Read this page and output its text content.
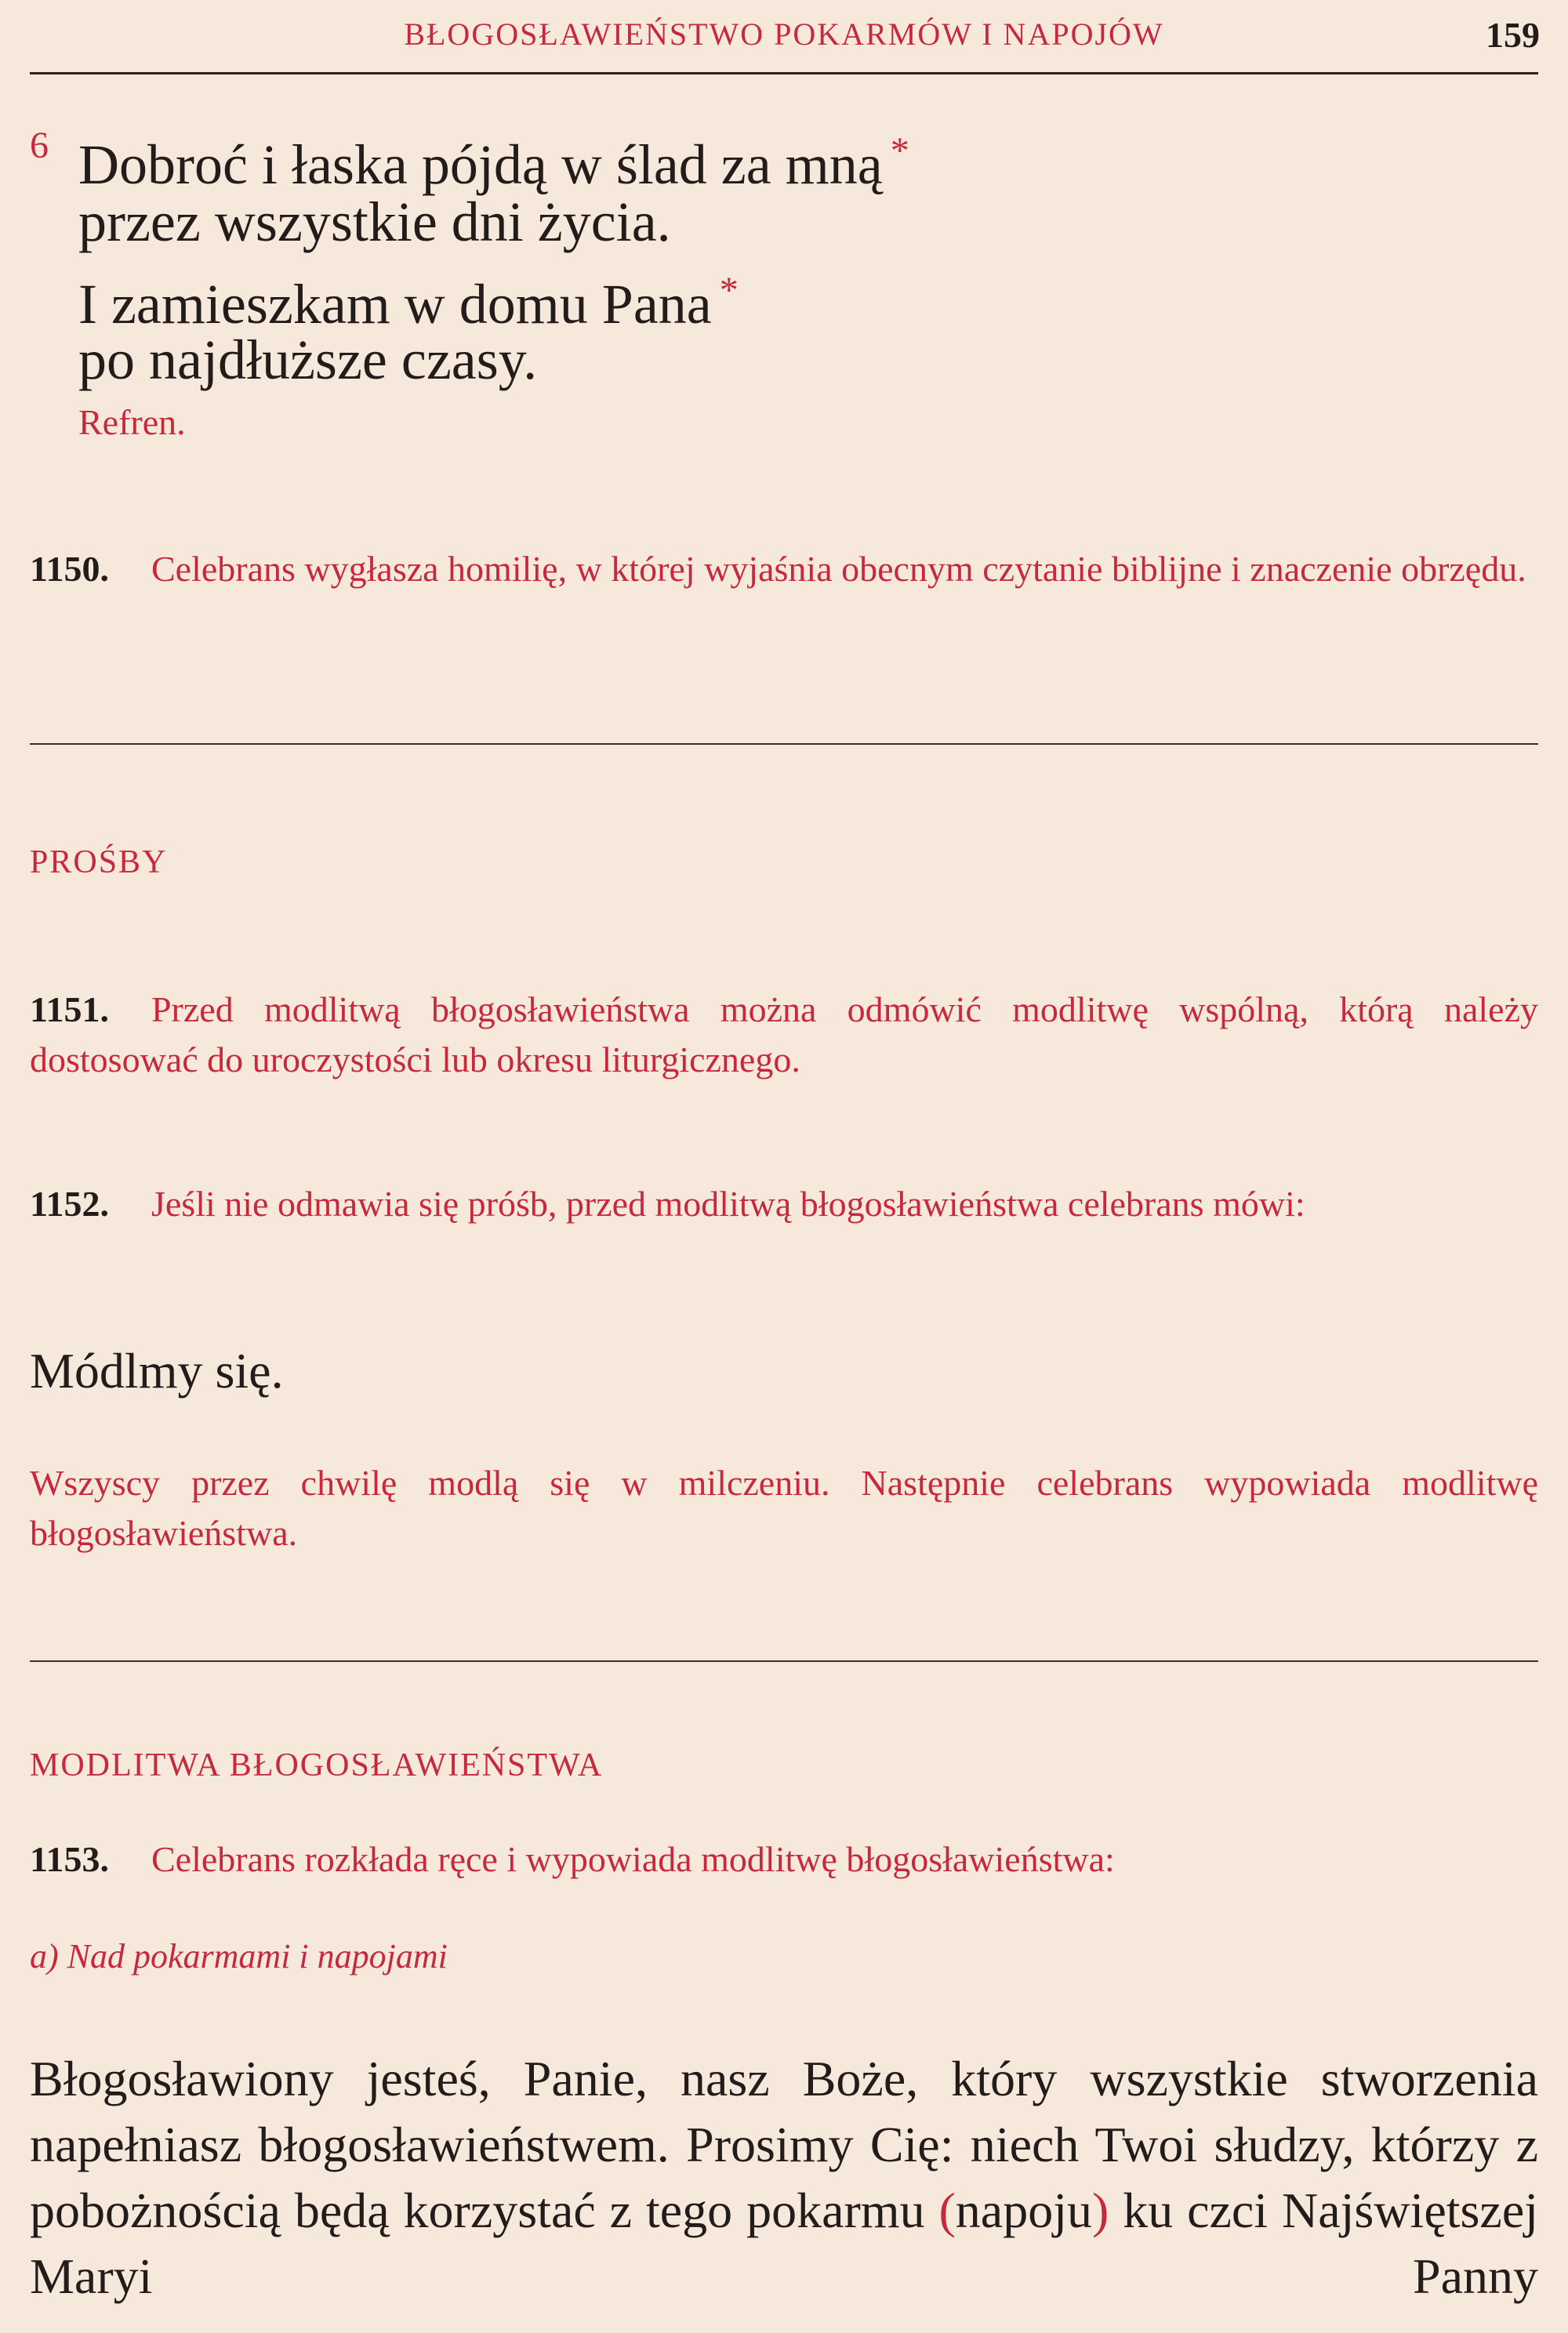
BŁOGOSŁAWIEŃSTWO POKARMÓW I NAPOJÓW	159
6 Dobroć i łaska pójdą w ślad za mną *
przez wszystkie dni życia.
I zamieszkam w domu Pana *
po najdłuższe czasy.
Refren.
1150. Celebrans wygłasza homilię, w której wyjaśnia obecnym czytanie biblijne i znaczenie obrzędu.
PROŚBY
1151. Przed modlitwą błogosławieństwa można odmówić modlitwę wspólną, którą należy dostosować do uroczystości lub okresu liturgicznego.
1152. Jeśli nie odmawia się próśb, przed modlitwą błogosławieństwa celebrans mówi:
Módlmy się.
Wszyscy przez chwilę modlą się w milczeniu. Następnie celebrans wypowiada modlitwę błogosławieństwa.
MODLITWA BŁOGOSŁAWIEŃSTWA
1153. Celebrans rozkłada ręce i wypowiada modlitwę błogosławieństwa:
a) Nad pokarmami i napojami
Błogosławiony jesteś, Panie, nasz Boże, który wszystkie stworzenia napełniasz błogosławieństwem. Prosimy Cię: niech Twoi słudzy, którzy z pobożnością będą korzystać z tego pokarmu (napoju) ku czci Najświętszej Maryi Panny
